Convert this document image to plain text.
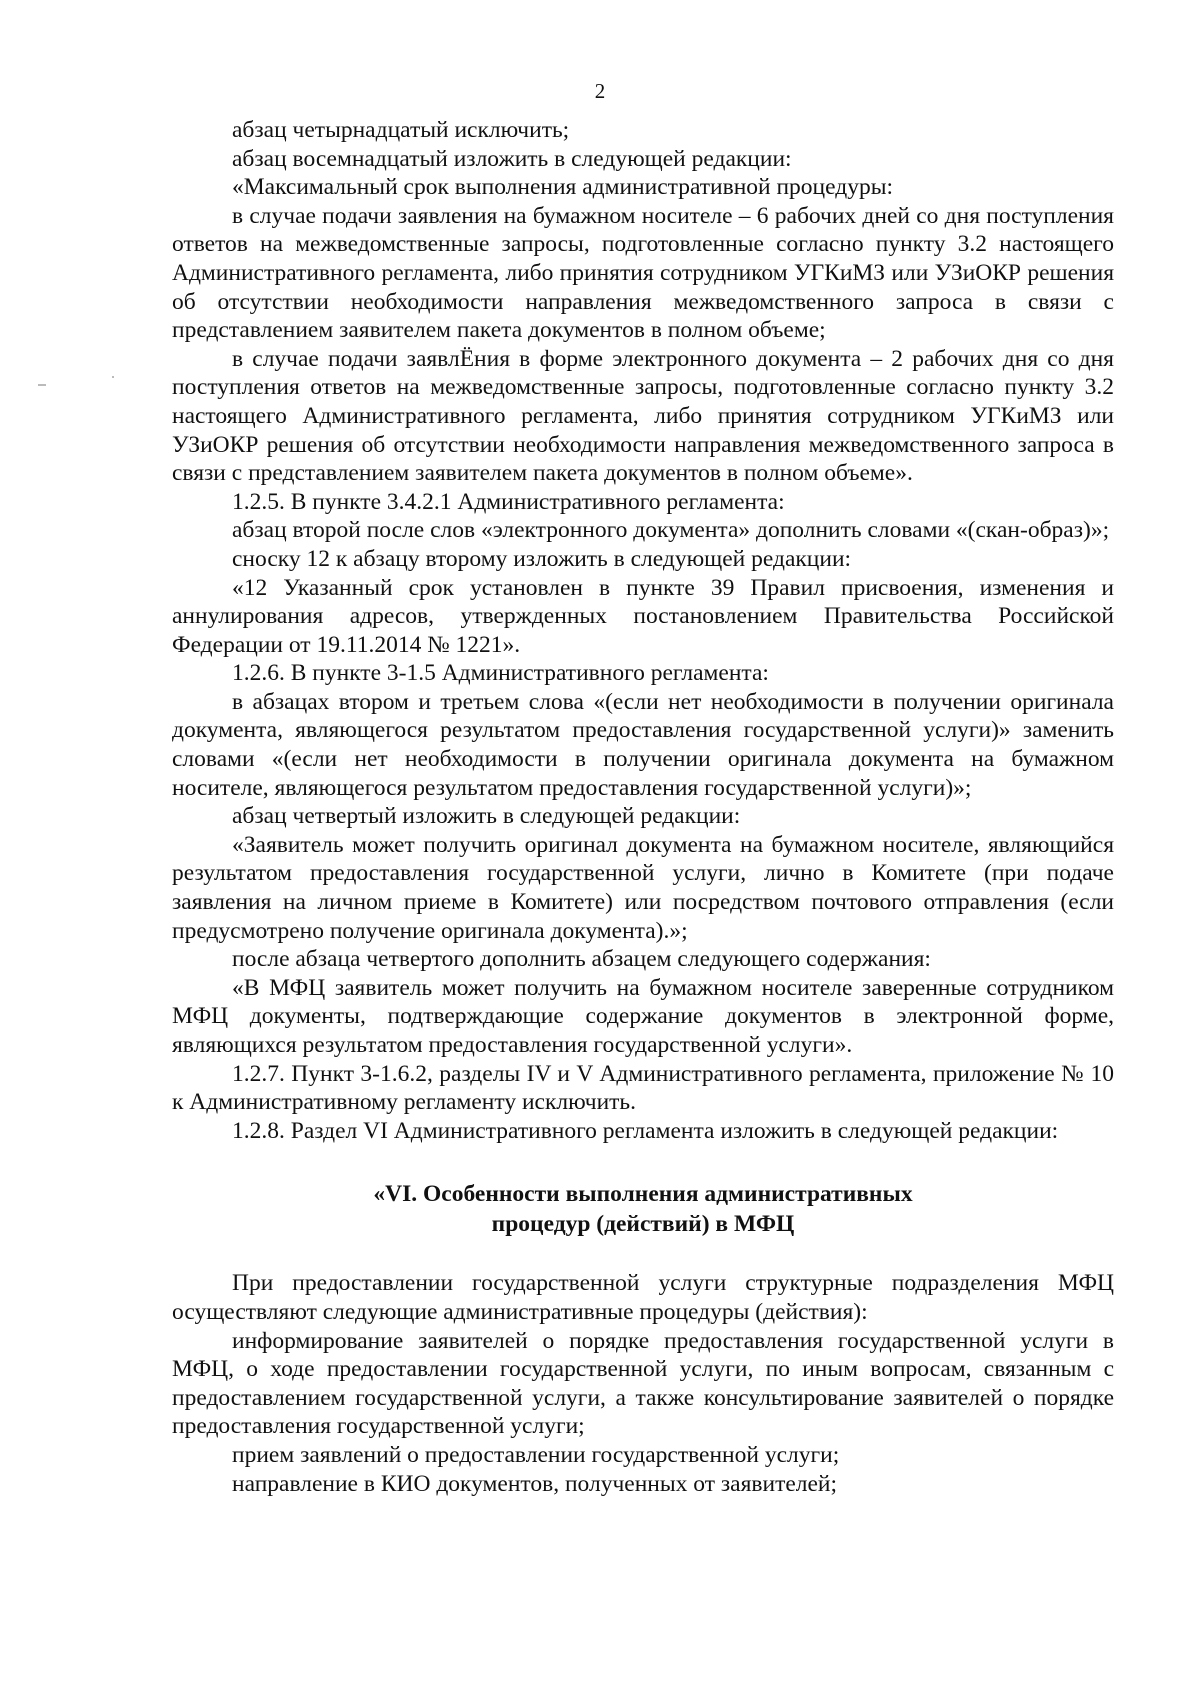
2

абзац четырнадцатый исключить;

абзац восемнадцатый изложить в следующей редакции:

«Максимальный срок выполнения административной процедуры:

в случае подачи заявления на бумажном носителе – 6 рабочих дней со дня поступления ответов на межведомственные запросы, подготовленные согласно пункту 3.2 настоящего Административного регламента, либо принятия сотрудником УГКиМЗ или УЗиОКР решения об отсутствии необходимости направления межведомственного запроса в связи с представлением заявителем пакета документов в полном объеме;

в случае подачи заявлЁния в форме электронного документа – 2 рабочих дня со дня поступления ответов на межведомственные запросы, подготовленные согласно пункту 3.2 настоящего Административного регламента, либо принятия сотрудником УГКиМЗ или УЗиОКР решения об отсутствии необходимости направления межведомственного запроса в связи с представлением заявителем пакета документов в полном объеме».

1.2.5. В пункте 3.4.2.1 Административного регламента:

абзац второй после слов «электронного документа» дополнить словами «(скан-образ)»;

сноску 12 к абзацу второму изложить в следующей редакции:

«12 Указанный срок установлен в пункте 39 Правил присвоения, изменения и аннулирования адресов, утвержденных постановлением Правительства Российской Федерации от 19.11.2014 № 1221».

1.2.6. В пункте 3-1.5 Административного регламента:

в абзацах втором и третьем слова «(если нет необходимости в получении оригинала документа, являющегося результатом предоставления государственной услуги)» заменить словами «(если нет необходимости в получении оригинала документа на бумажном носителе, являющегося результатом предоставления государственной услуги)»;

абзац четвертый изложить в следующей редакции:

«Заявитель может получить оригинал документа на бумажном носителе, являющийся результатом предоставления государственной услуги, лично в Комитете (при подаче заявления на личном приеме в Комитете) или посредством почтового отправления (если предусмотрено получение оригинала документа).»;

после абзаца четвертого дополнить абзацем следующего содержания:

«В МФЦ заявитель может получить на бумажном носителе заверенные сотрудником МФЦ документы, подтверждающие содержание документов в электронной форме, являющихся результатом предоставления государственной услуги».

1.2.7. Пункт 3-1.6.2, разделы IV и V Административного регламента, приложение № 10 к Административному регламенту исключить.

1.2.8. Раздел VI Административного регламента изложить в следующей редакции:

«VI. Особенности выполнения административных
процедур (действий) в МФЦ

При предоставлении государственной услуги структурные подразделения МФЦ осуществляют следующие административные процедуры (действия):

информирование заявителей о порядке предоставления государственной услуги в МФЦ, о ходе предоставлении государственной услуги, по иным вопросам, связанным с предоставлением государственной услуги, а также консультирование заявителей о порядке предоставления государственной услуги;

прием заявлений о предоставлении государственной услуги;

направление в КИО документов, полученных от заявителей;
